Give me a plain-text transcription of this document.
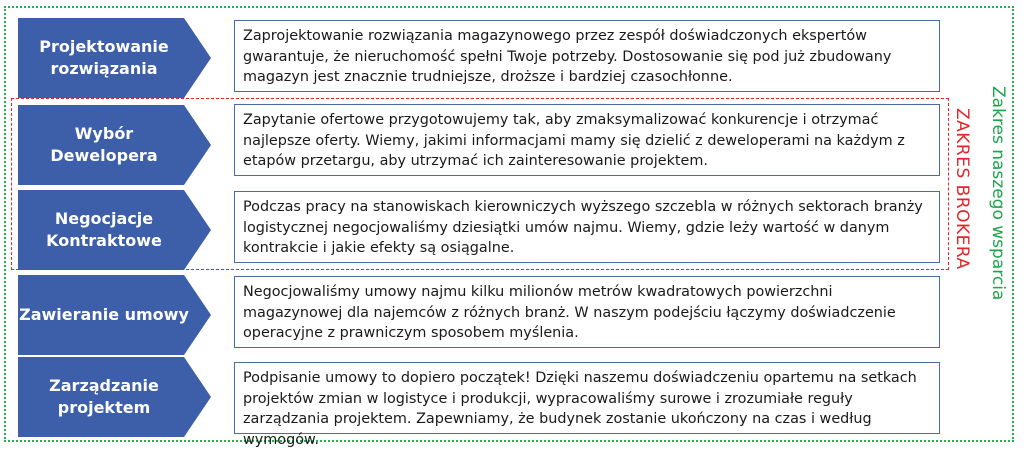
Projektowanie
rozwiązania
Zaprojektowanie rozwiązania magazynowego przez zespół doświadczonych ekspertów gwarantuje, że nieruchomość spełni Twoje potrzeby. Dostosowanie się pod już zbudowany magazyn jest znacznie trudniejsze, droższe i bardziej czasochłonne.
Wybór
Dewelopera
Zapytanie ofertowe przygotowujemy tak, aby zmaksymalizować konkurencje i otrzymać najlepsze oferty. Wiemy, jakimi informacjami mamy się dzielić z deweloperami na każdym z etapów przetargu, aby utrzymać ich zainteresowanie projektem.
Negocjacje
Kontraktowe
Podczas pracy na stanowiskach kierowniczych wyższego szczebla w różnych sektorach branży logistycznej negocjowaliśmy dziesiątki umów najmu. Wiemy, gdzie leży wartość w danym kontrakcie i jakie efekty są osiągalne.
Zawieranie umowy
Negocjowaliśmy umowy najmu kilku milionów metrów kwadratowych powierzchni magazynowej dla najemców z różnych branż. W naszym podejściu łączymy doświadczenie operacyjne z prawniczym sposobem myślenia.
Zarządzanie
projektem
Podpisanie umowy to dopiero początek! Dzięki naszemu doświadczeniu opartemu na setkach projektów zmian w logistyce i produkcji, wypracowaliśmy surowe i zrozumiałe reguły zarządzania projektem. Zapewniamy, że budynek zostanie ukończony na czas i według wymogów.
ZAKRES BROKERA Zakres naszego wsparcia
